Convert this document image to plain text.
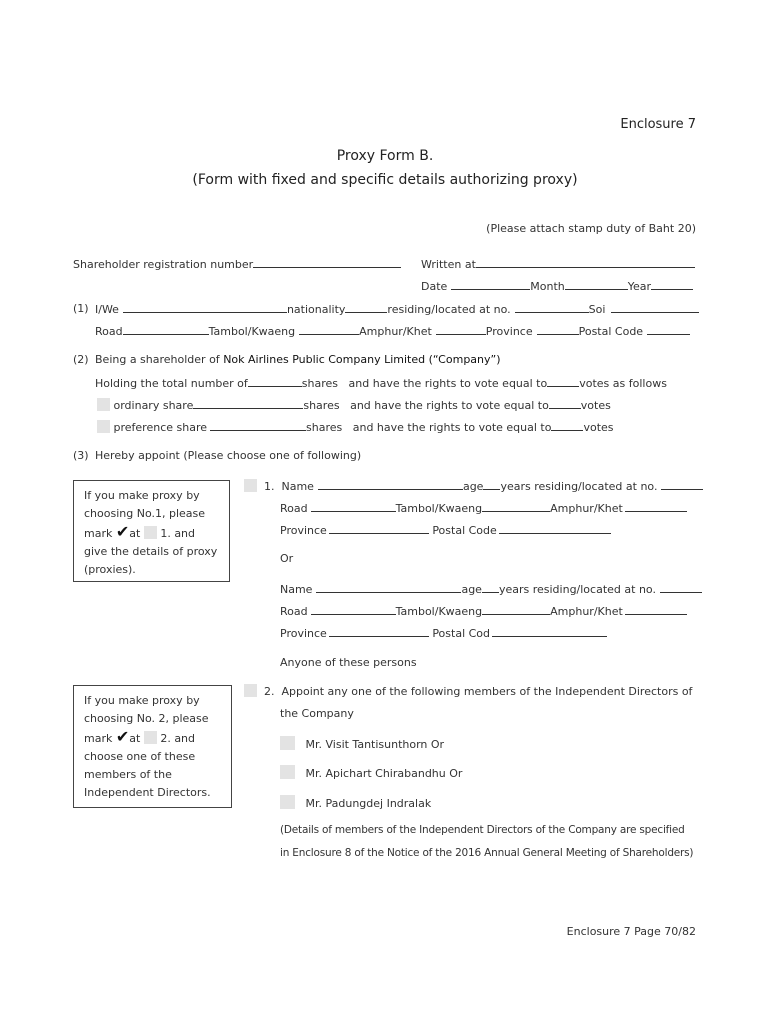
Enclosure 7
Proxy Form B.
(Form with fixed and specific details authorizing proxy)
(Please attach stamp duty of Baht 20)
Shareholder registration number	Written at
Date	Month	Year
(1) I/We	nationality	residing/located at no.	Soi
Road	Tambol/Kwaeng	Amphur/Khet	Province	Postal Code
(2) Being a shareholder of Nok Airlines Public Company Limited (“Company”)
Holding the total number of	shares and have the rights to vote equal to	votes as follows
ordinary share	shares and have the rights to vote equal to	votes
preference share	shares and have the rights to vote equal to	votes
(3) Hereby appoint (Please choose one of following)
If you make proxy by choosing No.1, please mark ✔at 1. and give the details of proxy (proxies).
1. Name	age years residing/located at no.
Road	Tambol/Kwaeng	Amphur/Khet
Province	Postal Code
Or
Name	age years residing/located at no.
Road	Tambol/Kwaeng	Amphur/Khet
Province	Postal Cod
Anyone of these persons
If you make proxy by choosing No. 2, please mark ✔at 2. and choose one of these members of the Independent Directors.
2. Appoint any one of the following members of the Independent Directors of
the Company
Mr. Visit Tantisunthorn Or
Mr. Apichart Chirabandhu Or
Mr. Padungdej Indralak
(Details of members of the Independent Directors of the Company are specified
in Enclosure 8 of the Notice of the 2016 Annual General Meeting of Shareholders)
Enclosure 7 Page 70/82
